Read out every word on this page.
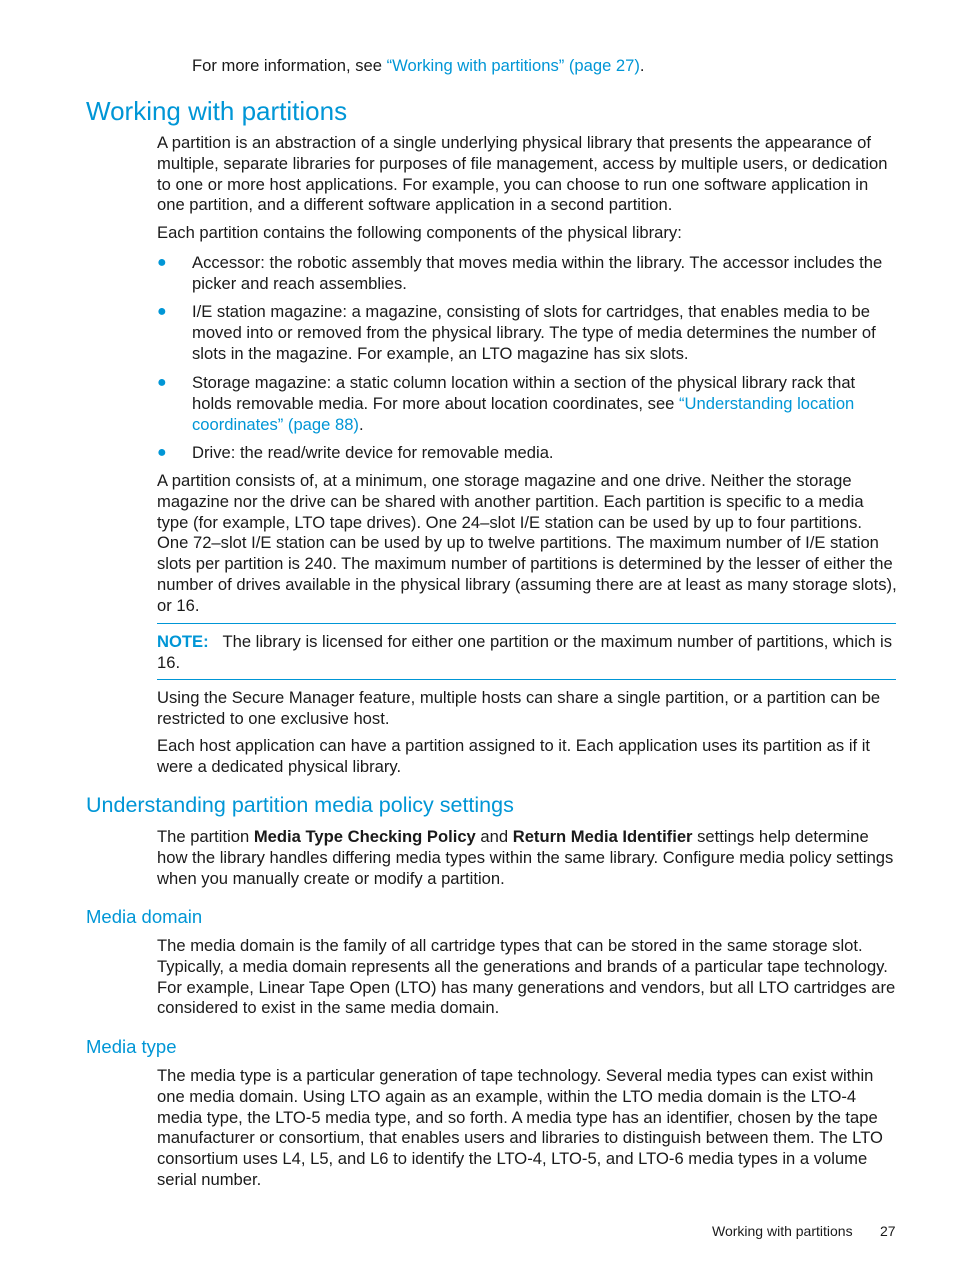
For more information, see “Working with partitions” (page 27).

Working with partitions

A partition is an abstraction of a single underlying physical library that presents the appearance of multiple, separate libraries for purposes of file management, access by multiple users, or dedication to one or more host applications. For example, you can choose to run one software application in one partition, and a different software application in a second partition.

Each partition contains the following components of the physical library:

● Accessor: the robotic assembly that moves media within the library. The accessor includes the picker and reach assemblies.
● I/E station magazine: a magazine, consisting of slots for cartridges, that enables media to be moved into or removed from the physical library. The type of media determines the number of slots in the magazine. For example, an LTO magazine has six slots.
● Storage magazine: a static column location within a section of the physical library rack that holds removable media. For more about location coordinates, see “Understanding location coordinates” (page 88).
● Drive: the read/write device for removable media.

A partition consists of, at a minimum, one storage magazine and one drive. Neither the storage magazine nor the drive can be shared with another partition. Each partition is specific to a media type (for example, LTO tape drives). One 24–slot I/E station can be used by up to four partitions. One 72–slot I/E station can be used by up to twelve partitions. The maximum number of I/E station slots per partition is 240. The maximum number of partitions is determined by the lesser of either the number of drives available in the physical library (assuming there are at least as many storage slots), or 16.

NOTE: The library is licensed for either one partition or the maximum number of partitions, which is 16.

Using the Secure Manager feature, multiple hosts can share a single partition, or a partition can be restricted to one exclusive host.

Each host application can have a partition assigned to it. Each application uses its partition as if it were a dedicated physical library.

Understanding partition media policy settings

The partition Media Type Checking Policy and Return Media Identifier settings help determine how the library handles differing media types within the same library. Configure media policy settings when you manually create or modify a partition.

Media domain

The media domain is the family of all cartridge types that can be stored in the same storage slot. Typically, a media domain represents all the generations and brands of a particular tape technology. For example, Linear Tape Open (LTO) has many generations and vendors, but all LTO cartridges are considered to exist in the same media domain.

Media type

The media type is a particular generation of tape technology. Several media types can exist within one media domain. Using LTO again as an example, within the LTO media domain is the LTO-4 media type, the LTO-5 media type, and so forth. A media type has an identifier, chosen by the tape manufacturer or consortium, that enables users and libraries to distinguish between them. The LTO consortium uses L4, L5, and L6 to identify the LTO-4, LTO-5, and LTO-6 media types in a volume serial number.

Working with partitions 27
